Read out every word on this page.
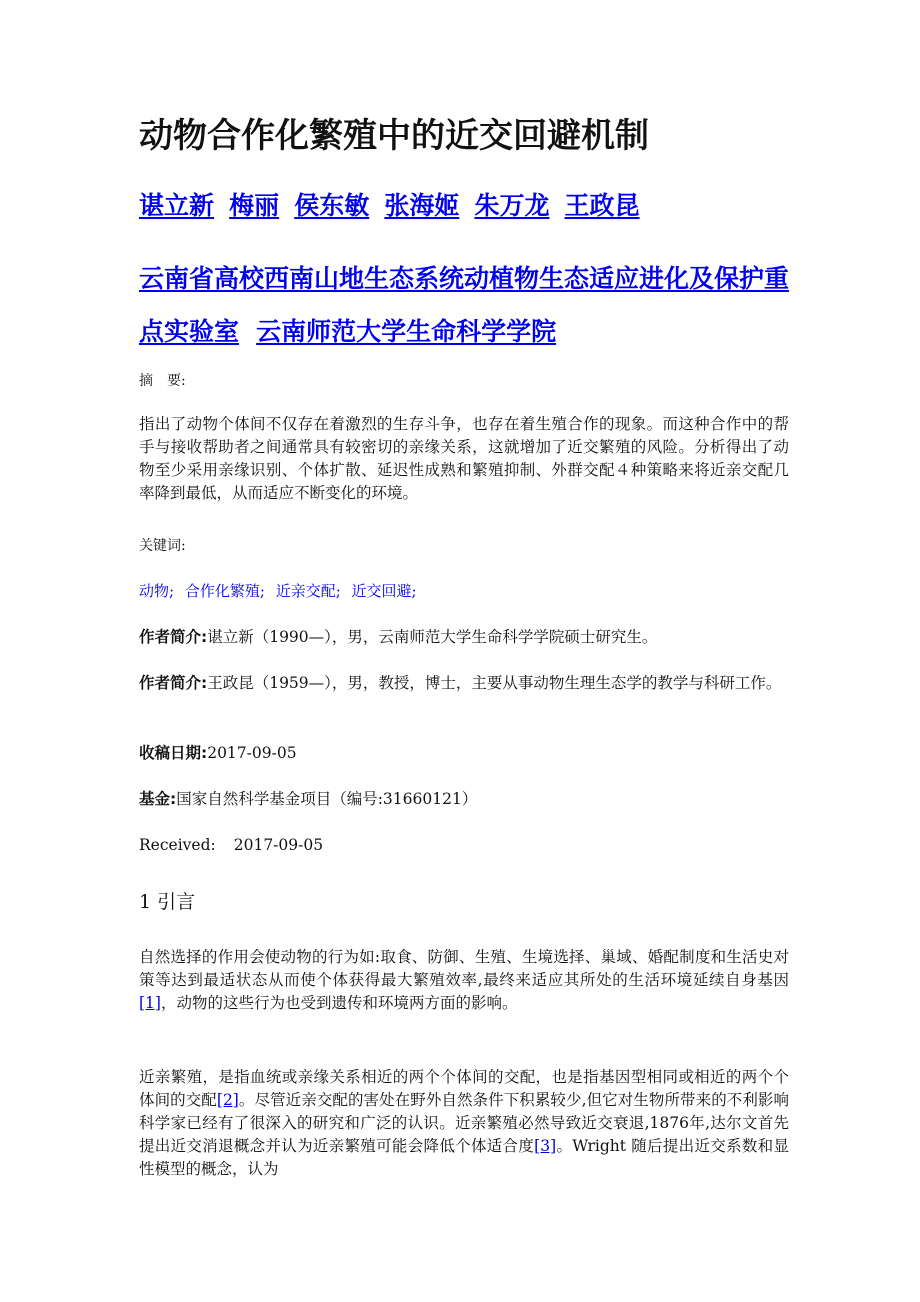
动物合作化繁殖中的近交回避机制
谌立新 梅丽 侯东敏 张海姬 朱万龙 王政昆
云南省高校西南山地生态系统动植物生态适应进化及保护重点实验室 云南师范大学生命科学学院
摘　要:

指出了动物个体间不仅存在着激烈的生存斗争，也存在着生殖合作的现象。而这种合作中的帮手与接收帮助者之间通常具有较密切的亲缘关系，这就增加了近交繁殖的风险。分析得出了动物至少采用亲缘识别、个体扩散、延迟性成熟和繁殖抑制、外群交配４种策略来将近亲交配几率降到最低，从而适应不断变化的环境。

关键词:
动物; 合作化繁殖; 近亲交配; 近交回避;
作者简介:谌立新（1990—），男，云南师范大学生命科学学院硕士研究生。
作者简介:王政昆（1959—），男，教授，博士，主要从事动物生理生态学的教学与科研工作。
收稿日期:2017-09-05
基金:国家自然科学基金项目（编号:31660121）
Received: 2017-09-05
1 引言

自然选择的作用会使动物的行为如:取食、防御、生殖、生境选择、巢域、婚配制度和生活史对策等达到最适状态从而使个体获得最大繁殖效率,最终来适应其所处的生活环境延续自身基因[1]，动物的这些行为也受到遗传和环境两方面的影响。

近亲繁殖，是指血统或亲缘关系相近的两个个体间的交配，也是指基因型相同或相近的两个个体间的交配[2]。尽管近亲交配的害处在野外自然条件下积累较少,但它对生物所带来的不利影响科学家已经有了很深入的研究和广泛的认识。近亲繁殖必然导致近交衰退,1876年,达尔文首先提出近交消退概念并认为近亲繁殖可能会降低个体适合度[3]。Wright 随后提出近交系数和显性模型的概念，认为
